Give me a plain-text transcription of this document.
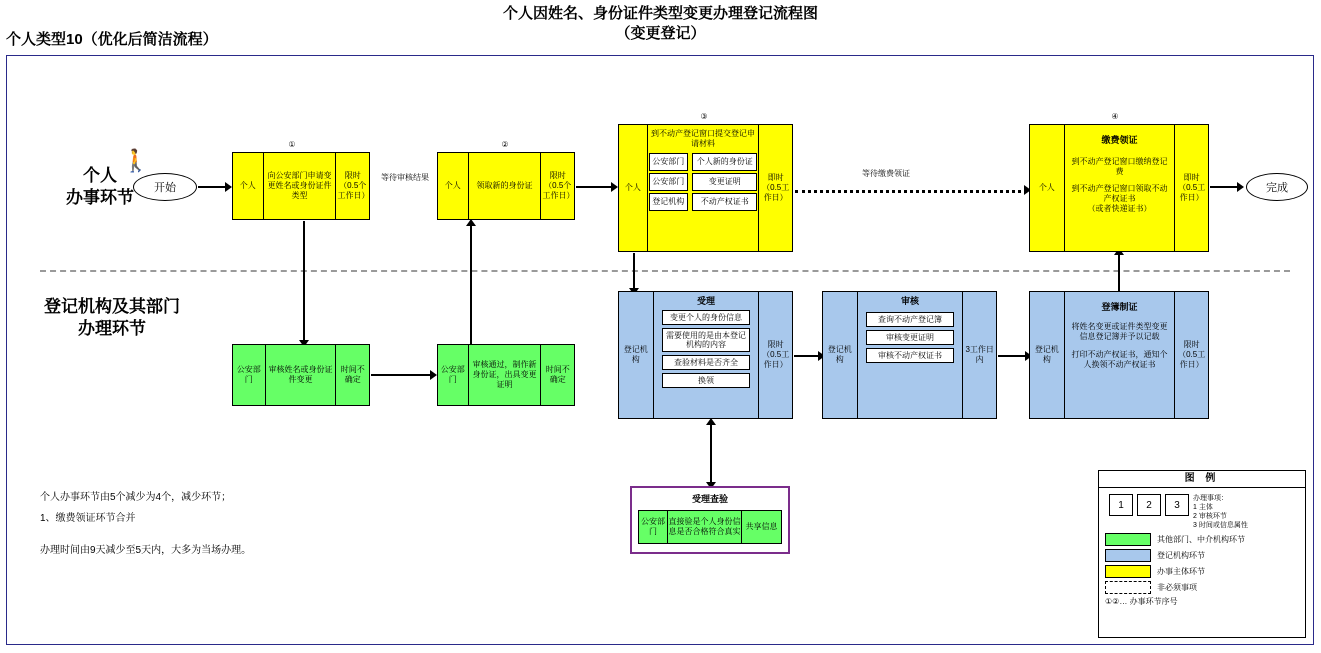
个人因姓名、身份证件类型变更办理登记流程图
（变更登记）
个人类型10（优化后简洁流程）
个人
办事环节
登记机构及其部门
办理环节
🚶
开始
①
个人
向公安部门申请变更姓名或身份证件类型
限时（0.5个工作日）
公安部门
审核姓名或身份证件变更
时间不确定
②
个人	领取新的身份证
限时（0.5个工作日）
等待审核结果
公安部门
审核通过，制作新身份证，出具变更证明
时间不确定
③
个人
到不动产登记窗口提交登记申请材料
公安部门	个人新的身份证
公安部门	变更证明
登记机构	不动产权证书
即时（0.5工作日）
等待缴费领证
登记机构
受理
变更个人的身份信息
需要使用的是由本登记机构的内容
查验材料是否齐全
换领
限时（0.5工作日）
受理查验
公安部门
直接验是个人身份信息是否合格符合真实
共享信息
登记机构
审核
查询不动产登记簿
审核变更证明
审核不动产权证书
3工作日内
登记机构
登簿制证
将姓名变更或证件类型变更信息登记簿并予以记载
打印不动产权证书，通知个人换领不动产权证书
限时（0.5工作日）
④
个人
缴费领证
到不动产登记窗口缴纳登记费
到不动产登记窗口领取不动产权证书
（或者快递证书）
即时（0.5工作日）
完成
个人办事环节由5个减少为4个，减少环节；
1、缴费领证环节合并
办理时间由9天减少至5天内，大多为当场办理。
图 例
1	2	3
办理事项：
1 主体
2 审核环节
3 时间或信息属性
其他部门、中介机构环节
登记机构环节
办事主体环节
非必须事项
①②… 办事环节序号
